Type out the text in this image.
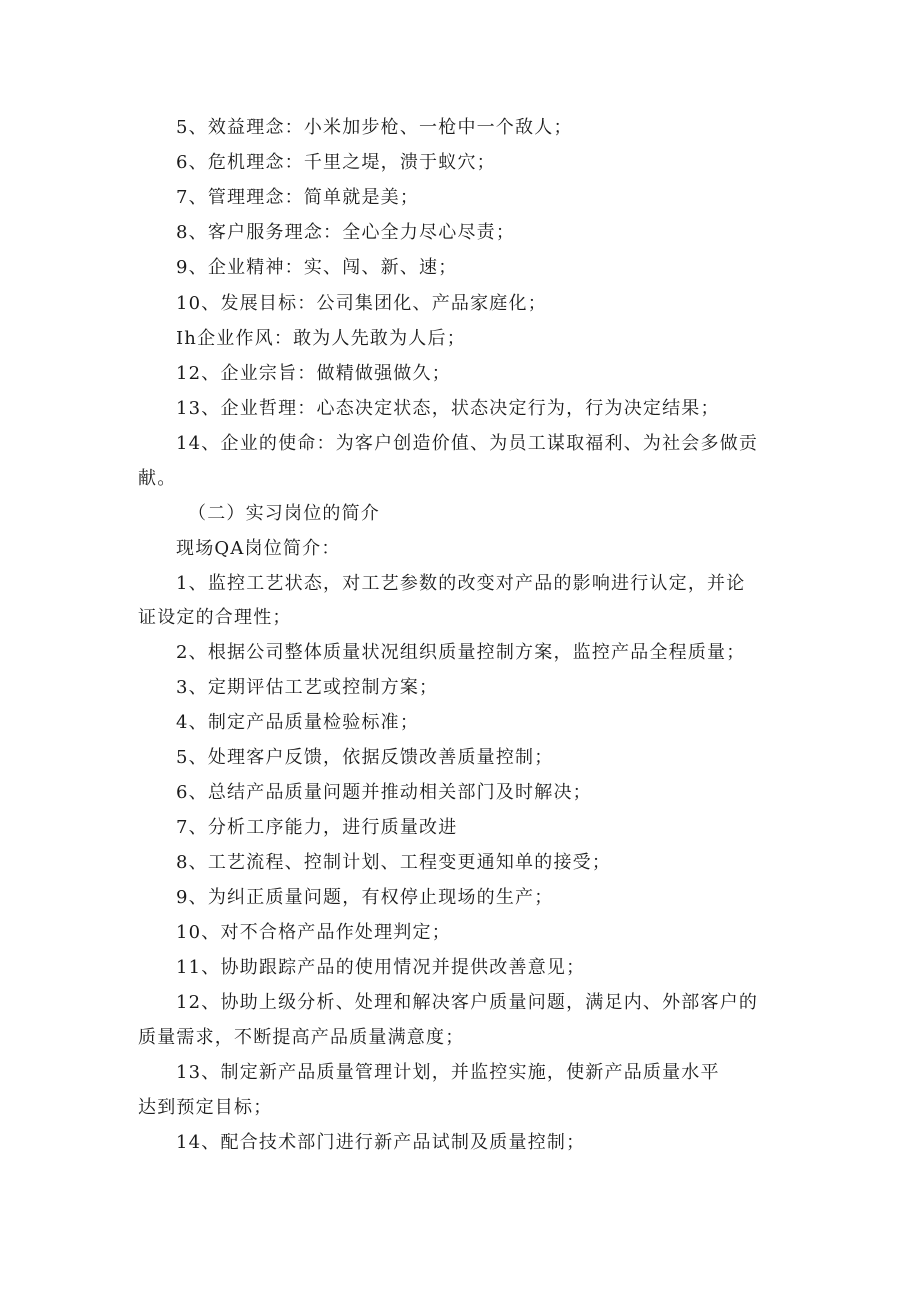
5、效益理念：小米加步枪、一枪中一个敌人；
6、危机理念：千里之堤，溃于蚁穴；
7、管理理念：简单就是美；
8、客户服务理念：全心全力尽心尽责；
9、企业精神：实、闯、新、速；
10、发展目标：公司集团化、产品家庭化；
Ih企业作风：敢为人先敢为人后；
12、企业宗旨：做精做强做久；
13、企业哲理：心态决定状态，状态决定行为，行为决定结果；
14、企业的使命：为客户创造价值、为员工谋取福利、为社会多做贡
献。
（二）实习岗位的简介
现场QA岗位简介：
1、监控工艺状态，对工艺参数的改变对产品的影响进行认定，并论
证设定的合理性；
2、根据公司整体质量状况组织质量控制方案，监控产品全程质量；
3、定期评估工艺或控制方案；
4、制定产品质量检验标准；
5、处理客户反馈，依据反馈改善质量控制；
6、总结产品质量问题并推动相关部门及时解决；
7、分析工序能力，进行质量改进
8、工艺流程、控制计划、工程变更通知单的接受；
9、为纠正质量问题，有权停止现场的生产；
10、对不合格产品作处理判定；
11、协助跟踪产品的使用情况并提供改善意见；
12、协助上级分析、处理和解决客户质量问题，满足内、外部客户的
质量需求，不断提高产品质量满意度；
13、制定新产品质量管理计划，并监控实施，使新产品质量水平
达到预定目标；
14、配合技术部门进行新产品试制及质量控制；
